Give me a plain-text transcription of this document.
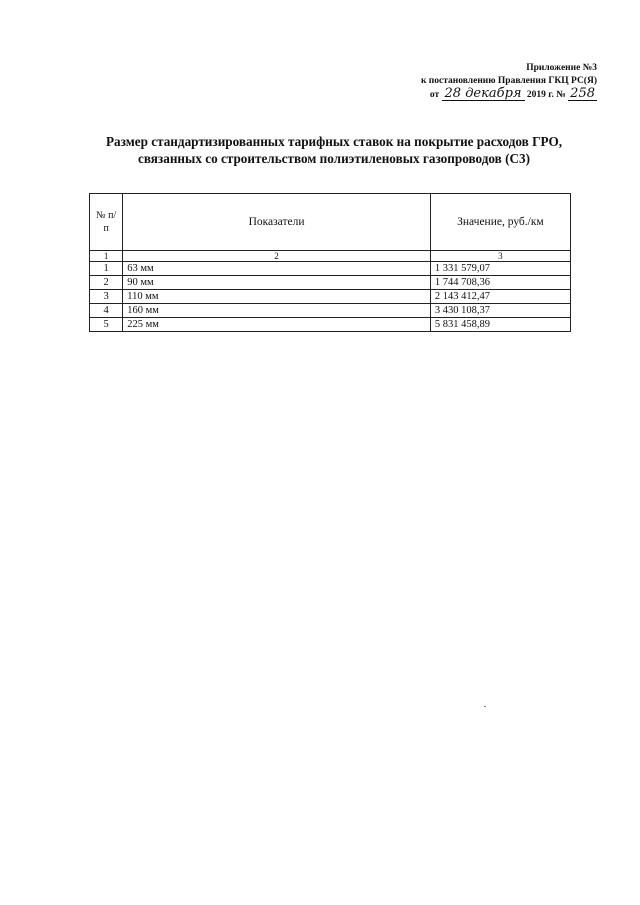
Приложение №3
к постановлению Правления ГКЦ РС(Я)
от 28 декабря 2019 г. № 258
Размер стандартизированных тарифных ставок на покрытие расходов ГРО,
связанных со строительством полиэтиленовых газопроводов (С3)
№ п/п	Показатели	Значение, руб./км
1	2	3
1	63 мм	1 331 579,07
2	90 мм	1 744 708,36
3	110 мм	2 143 412,47
4	160 мм	3 430 108,37
5	225 мм	5 831 458,89
